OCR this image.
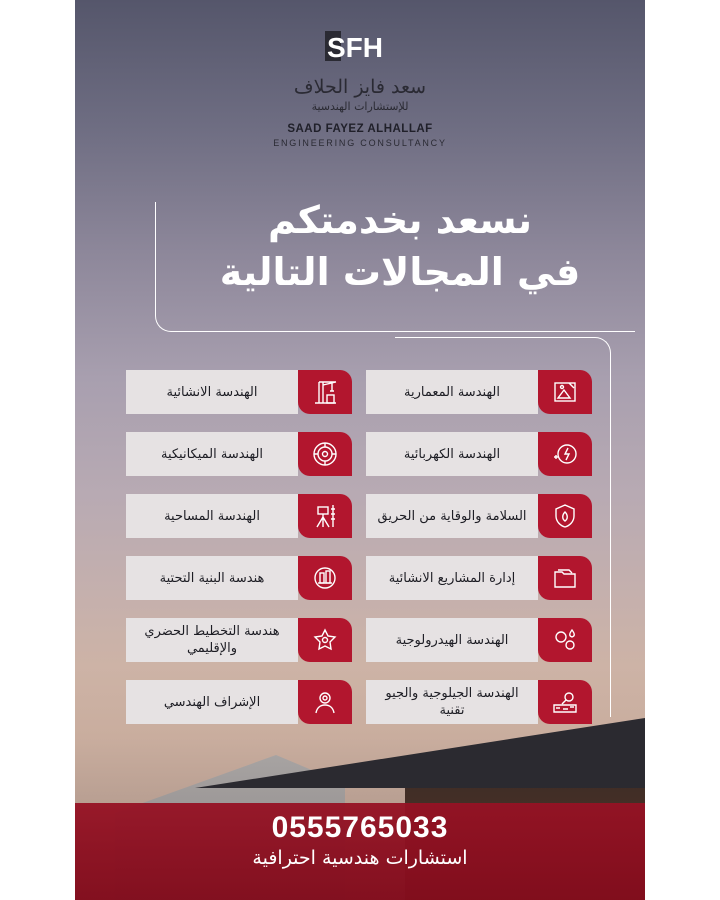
SFH
سعد فايز الحلاف
للإستشارات الهندسية
SAAD FAYEZ ALHALLAF
ENGINEERING CONSULTANCY
نسعد بخدمتكم
في المجالات التالية
الهندسة المعمارية
الهندسة الانشائية
الهندسة الكهربائية
الهندسة الميكانيكية
السلامة والوقاية من الحريق
الهندسة المساحية
إدارة المشاريع الانشائية
هندسة البنية التحتية
الهندسة الهيدرولوجية
هندسة التخطيط الحضري والإقليمي
الهندسة الجيلوجية والجيو تقنية
الإشراف الهندسي
0555765033
استشارات هندسية احترافية
